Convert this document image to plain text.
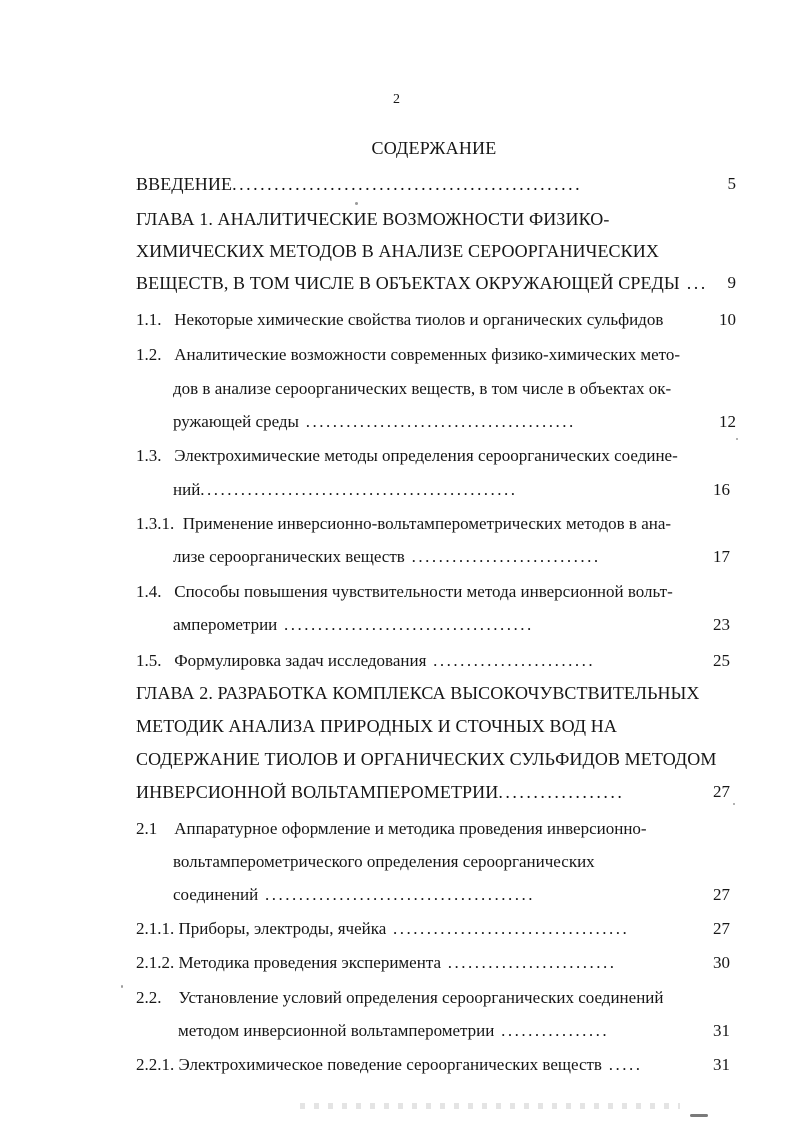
2
СОДЕРЖАНИЕ
ВВЕДЕНИЕ..................................................	5
ГЛАВА 1. АНАЛИТИЧЕСКИЕ ВОЗМОЖНОСТИ ФИЗИКО-
ХИМИЧЕСКИХ МЕТОДОВ В АНАЛИЗЕ СЕРООРГАНИЧЕСКИХ
ВЕЩЕСТВ, В ТОМ ЧИСЛЕ В ОБЪЕКТАХ ОКРУЖАЮЩЕЙ СРЕДЫ ...	9
1.1. Некоторые химические свойства тиолов и органических сульфидов	10
1.2. Аналитические возможности современных физико-химических мето-
дов в анализе сероорганических веществ, в том числе в объектах ок-
ружающей среды ........................................	12
1.3. Электрохимические методы определения сероорганических соедине-
ний...............................................	16
1.3.1. Применение инверсионно-вольтамперометрических методов в ана-
лизе сероорганических веществ ............................	17
1.4. Способы повышения чувствительности метода инверсионной вольт-
амперометрии .....................................	23
1.5. Формулировка задач исследования ........................	25
ГЛАВА 2. РАЗРАБОТКА КОМПЛЕКСА ВЫСОКОЧУВСТВИТЕЛЬНЫХ
МЕТОДИК АНАЛИЗА ПРИРОДНЫХ И СТОЧНЫХ ВОД НА
СОДЕРЖАНИЕ ТИОЛОВ И ОРГАНИЧЕСКИХ СУЛЬФИДОВ МЕТОДОМ
ИНВЕРСИОННОЙ ВОЛЬТАМПЕРОМЕТРИИ..................	27
2.1 Аппаратурное оформление и методика проведения инверсионно-
вольтамперометрического определения сероорганических
соединений ........................................	27
2.1.1. Приборы, электроды, ячейка ...................................	27
2.1.2. Методика проведения эксперимента .........................	30
2.2. Установление условий определения сероорганических соединений
методом инверсионной вольтамперометрии ................	31
2.2.1. Электрохимическое поведение сероорганических веществ .....	31
